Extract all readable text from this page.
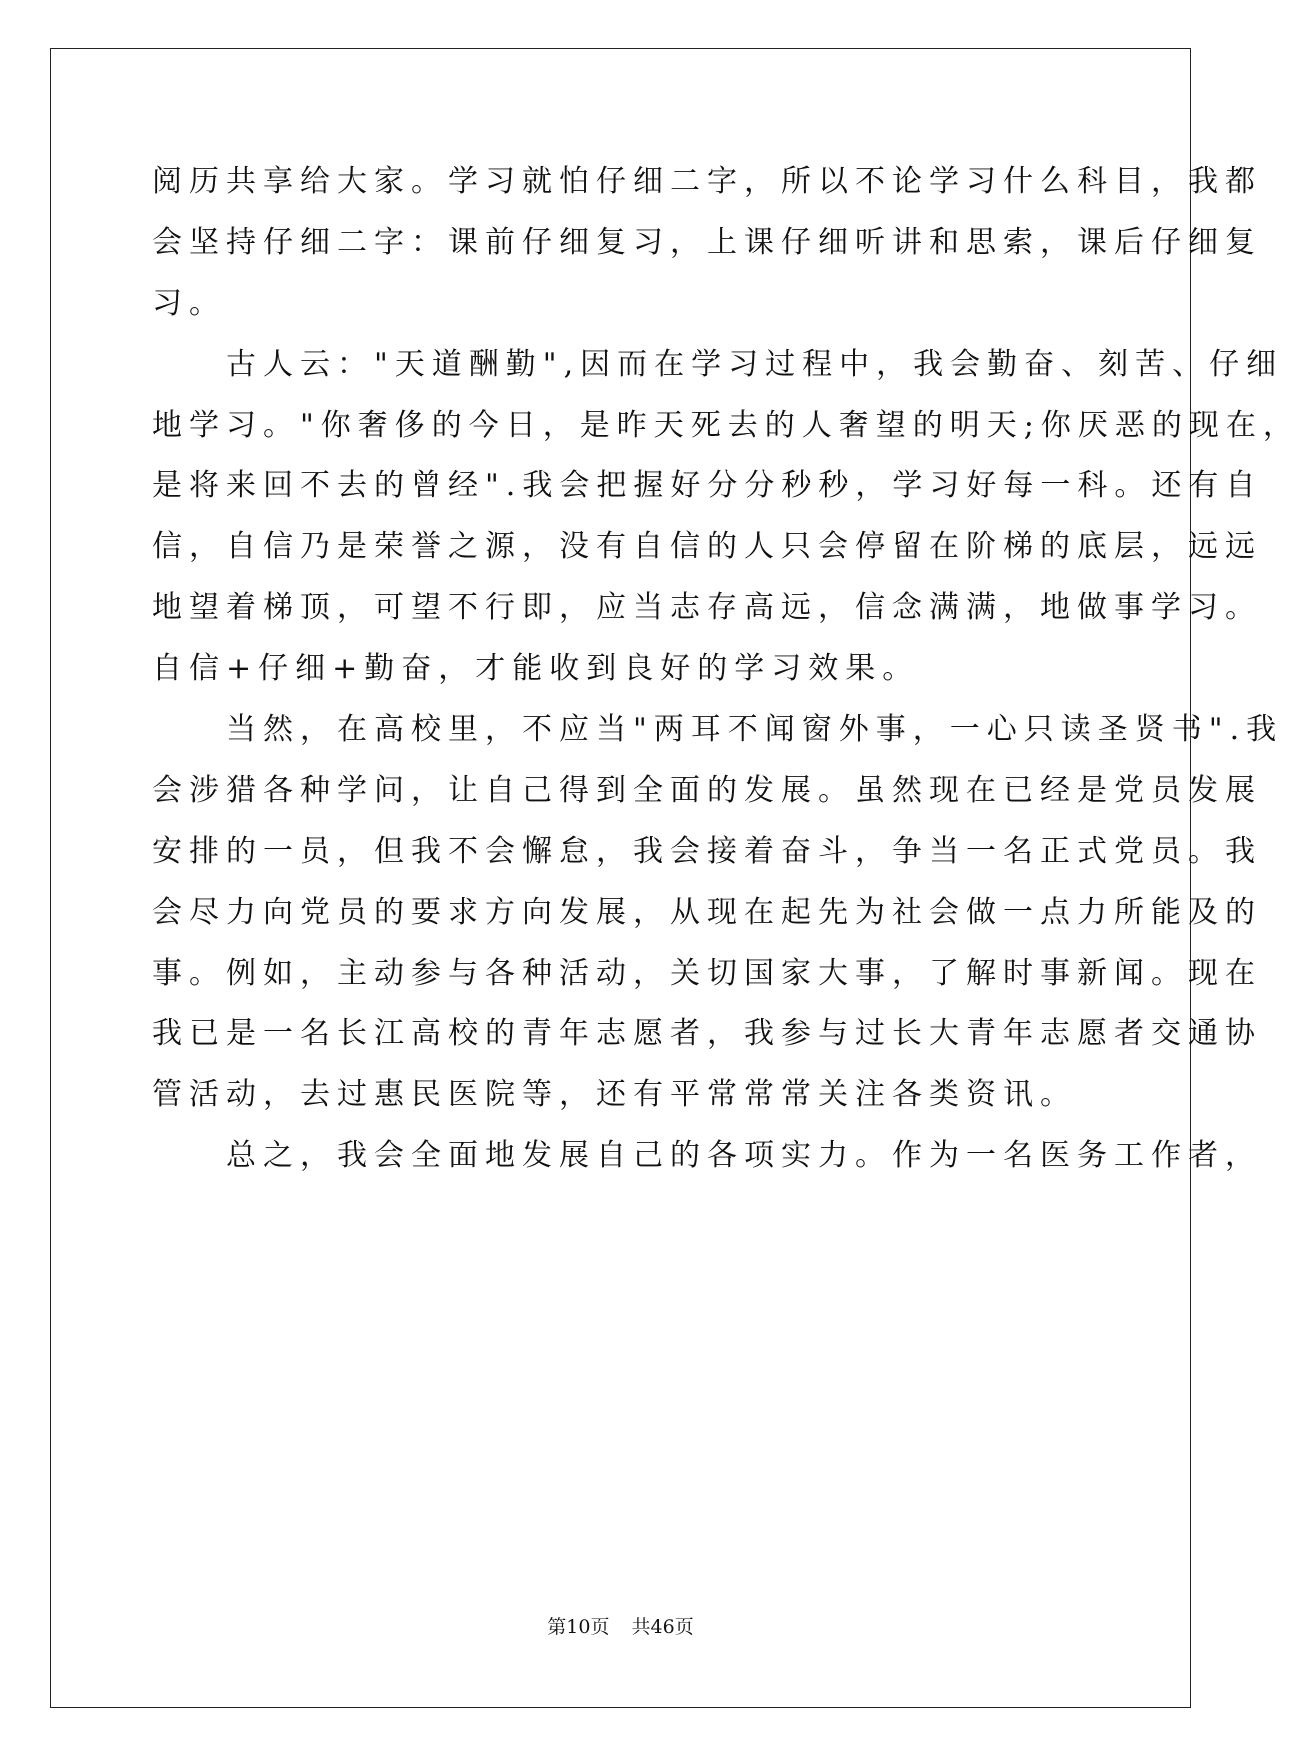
阅历共享给大家。学习就怕仔细二字，所以不论学习什么科目，我都
会坚持仔细二字：课前仔细复习，上课仔细听讲和思索，课后仔细复
习。
　　古人云："天道酬勤",因而在学习过程中，我会勤奋、刻苦、仔细
地学习。"你奢侈的今日，是昨天死去的人奢望的明天;你厌恶的现在，
是将来回不去的曾经".我会把握好分分秒秒，学习好每一科。还有自
信，自信乃是荣誉之源，没有自信的人只会停留在阶梯的底层，远远
地望着梯顶，可望不行即，应当志存高远，信念满满，地做事学习。
自信+仔细+勤奋，才能收到良好的学习效果。
　　当然，在高校里，不应当"两耳不闻窗外事，一心只读圣贤书".我
会涉猎各种学问，让自己得到全面的发展。虽然现在已经是党员发展
安排的一员，但我不会懈怠，我会接着奋斗，争当一名正式党员。我
会尽力向党员的要求方向发展，从现在起先为社会做一点力所能及的
事。例如，主动参与各种活动，关切国家大事，了解时事新闻。现在
我已是一名长江高校的青年志愿者，我参与过长大青年志愿者交通协
管活动，去过惠民医院等，还有平常常常关注各类资讯。
　　总之，我会全面地发展自己的各项实力。作为一名医务工作者，
第10页 共46页
